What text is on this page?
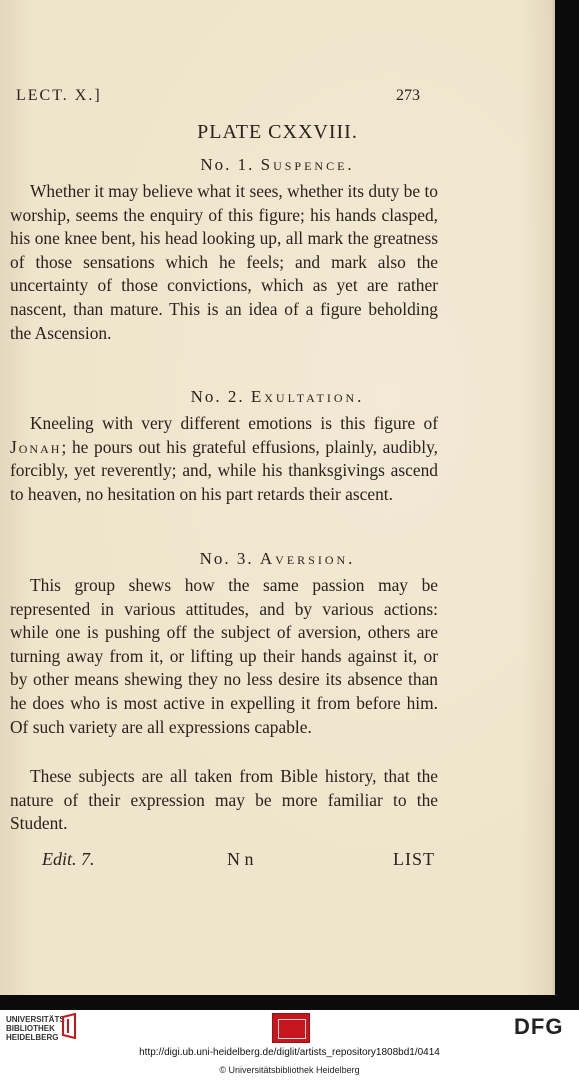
LECT. X.]	273
PLATE CXXVIII.
No. 1. Suspence.
Whether it may believe what it sees, whether its duty be to worship, seems the enquiry of this figure; his hands clasped, his one knee bent, his head looking up, all mark the greatness of those sensations which he feels; and mark also the uncertainty of those convictions, which as yet are rather nascent, than mature. This is an idea of a figure beholding the Ascension.
No. 2. Exultation.
Kneeling with very different emotions is this figure of Jonah; he pours out his grateful effusions, plainly, audibly, forcibly, yet reverently; and, while his thanksgivings ascend to heaven, no hesitation on his part retards their ascent.
No. 3. Aversion.
This group shews how the same passion may be represented in various attitudes, and by various actions: while one is pushing off the subject of aversion, others are turning away from it, or lifting up their hands against it, or by other means shewing they no less desire its absence than he does who is most active in expelling it from before him. Of such variety are all expressions capable.
These subjects are all taken from Bible history, that the nature of their expression may be more familiar to the Student.
Edit. 7.	N n	LIST
UNIVERSITÄTS BIBLIOTHEK HEIDELBERG	DFG
http://digi.ub.uni-heidelberg.de/diglit/artists_repository1808bd1/0414
© Universitätsbibliothek Heidelberg
